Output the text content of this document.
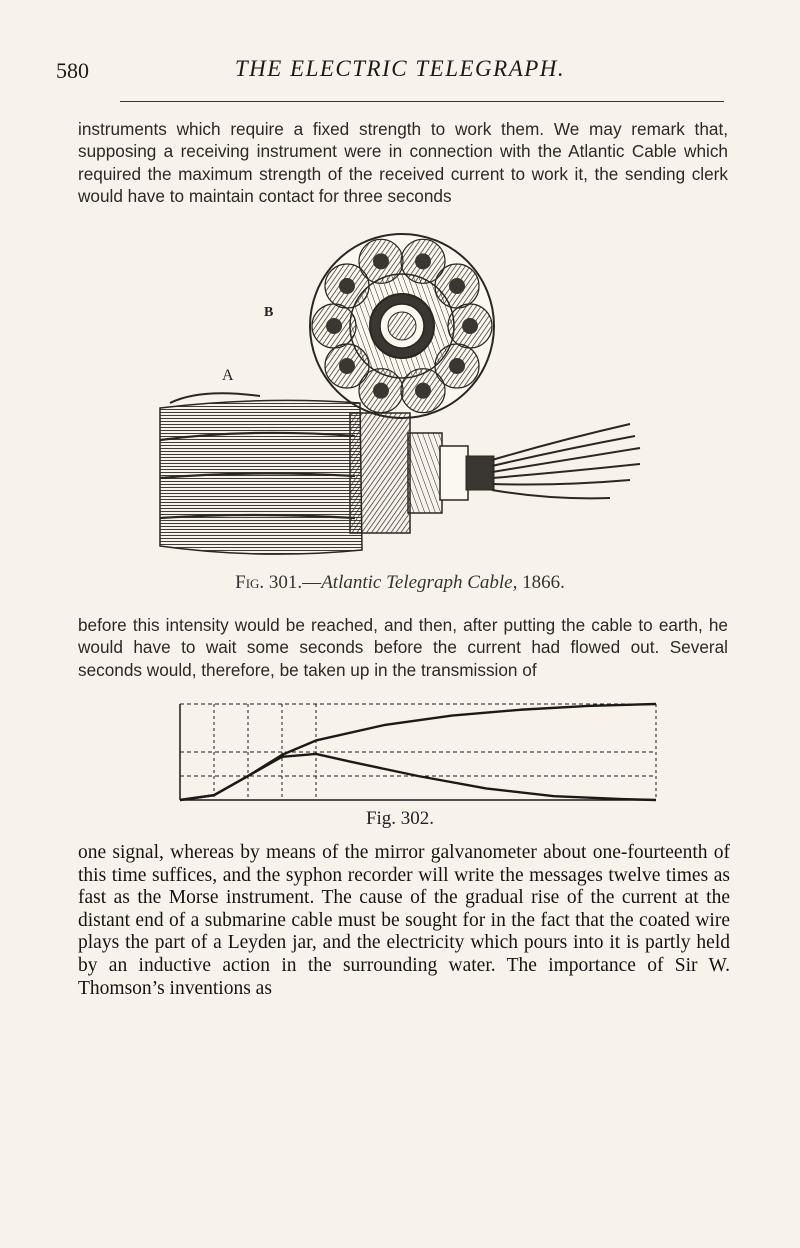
580	THE ELECTRIC TELEGRAPH.
instruments which require a fixed strength to work them. We may remark that, supposing a receiving instrument were in connection with the Atlantic Cable which required the maximum strength of the received current to work it, the sending clerk would have to maintain contact for three seconds
B
A
Fig. 301.—Atlantic Telegraph Cable, 1866.
before this intensity would be reached, and then, after putting the cable to earth, he would have to wait some seconds before the current had flowed out. Several seconds would, therefore, be taken up in the transmission of
Fig. 302.
one signal, whereas by means of the mirror galvanometer about one-fourteenth of this time suffices, and the syphon recorder will write the messages twelve times as fast as the Morse instrument. The cause of the gradual rise of the current at the distant end of a submarine cable must be sought for in the fact that the coated wire plays the part of a Leyden jar, and the electricity which pours into it is partly held by an inductive action in the surrounding water. The importance of Sir W. Thomson’s inventions as
